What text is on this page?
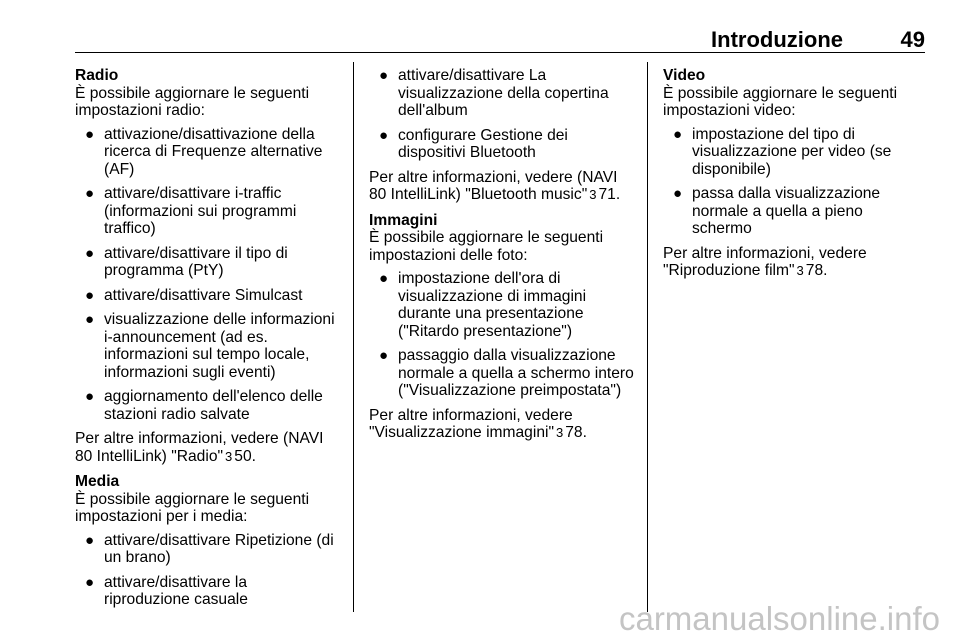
Introduzione	49
Radio

È possibile aggiornare le seguenti impostazioni radio:

● attivazione/disattivazione della ricerca di Frequenze alternative (AF)
● attivare/disattivare i-traffic (informazioni sui programmi traffico)
● attivare/disattivare il tipo di programma (PtY)
● attivare/disattivare Simulcast
● visualizzazione delle informazioni i-announcement (ad es. informazioni sul tempo locale, informazioni sugli eventi)
● aggiornamento dell'elenco delle stazioni radio salvate

Per altre informazioni, vedere (NAVI 80 IntelliLink) "Radio" 3 50.

Media

È possibile aggiornare le seguenti impostazioni per i media:

● attivare/disattivare Ripetizione (di un brano)
● attivare/disattivare la riproduzione casuale
● attivare/disattivare La visualizzazione della copertina dell'album
● configurare Gestione dei dispositivi Bluetooth

Per altre informazioni, vedere (NAVI 80 IntelliLink) "Bluetooth music" 3 71.

Immagini

È possibile aggiornare le seguenti impostazioni delle foto:

● impostazione dell'ora di visualizzazione di immagini durante una presentazione ("Ritardo presentazione")
● passaggio dalla visualizzazione normale a quella a schermo intero ("Visualizzazione preimpostata")

Per altre informazioni, vedere "Visualizzazione immagini" 3 78.

Video

È possibile aggiornare le seguenti impostazioni video:

● impostazione del tipo di visualizzazione per video (se disponibile)
● passa dalla visualizzazione normale a quella a pieno schermo

Per altre informazioni, vedere "Riproduzione film" 3 78.

carmanualsonline.info
